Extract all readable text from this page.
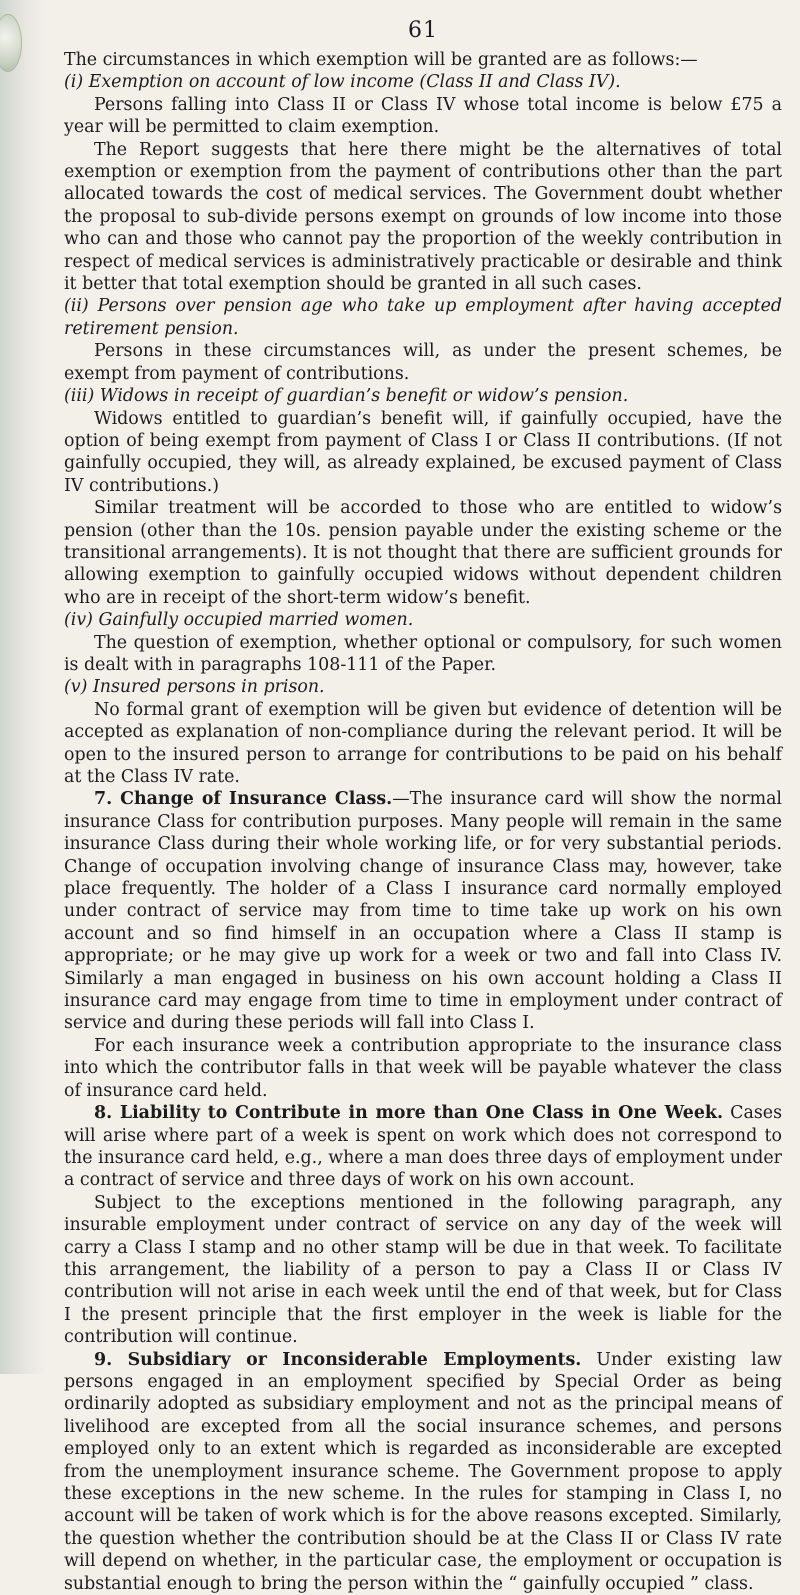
61

The circumstances in which exemption will be granted are as follows:—

(i) Exemption on account of low income (Class II and Class IV).

Persons falling into Class II or Class IV whose total income is below £75 a year will be permitted to claim exemption.

The Report suggests that here there might be the alternatives of total exemption or exemption from the payment of contributions other than the part allocated towards the cost of medical services. The Government doubt whether the proposal to sub-divide persons exempt on grounds of low income into those who can and those who cannot pay the proportion of the weekly contribution in respect of medical services is administratively practicable or desirable and think it better that total exemption should be granted in all such cases.

(ii) Persons over pension age who take up employment after having accepted retirement pension.

Persons in these circumstances will, as under the present schemes, be exempt from payment of contributions.

(iii) Widows in receipt of guardian’s benefit or widow’s pension.

Widows entitled to guardian’s benefit will, if gainfully occupied, have the option of being exempt from payment of Class I or Class II contributions. (If not gainfully occupied, they will, as already explained, be excused payment of Class IV contributions.)

Similar treatment will be accorded to those who are entitled to widow’s pension (other than the 10s. pension payable under the existing scheme or the transitional arrangements). It is not thought that there are sufficient grounds for allowing exemption to gainfully occupied widows without dependent children who are in receipt of the short-term widow’s benefit.

(iv) Gainfully occupied married women.

The question of exemption, whether optional or compulsory, for such women is dealt with in paragraphs 108-111 of the Paper.

(v) Insured persons in prison.

No formal grant of exemption will be given but evidence of detention will be accepted as explanation of non-compliance during the relevant period. It will be open to the insured person to arrange for contributions to be paid on his behalf at the Class IV rate.

7. Change of Insurance Class.—The insurance card will show the normal insurance Class for contribution purposes. Many people will remain in the same insurance Class during their whole working life, or for very substantial periods. Change of occupation involving change of insurance Class may, however, take place frequently. The holder of a Class I insurance card normally employed under contract of service may from time to time take up work on his own account and so find himself in an occupation where a Class II stamp is appropriate; or he may give up work for a week or two and fall into Class IV. Similarly a man engaged in business on his own account holding a Class II insurance card may engage from time to time in employment under contract of service and during these periods will fall into Class I.

For each insurance week a contribution appropriate to the insurance class into which the contributor falls in that week will be payable whatever the class of insurance card held.

8. Liability to Contribute in more than One Class in One Week. Cases will arise where part of a week is spent on work which does not correspond to the insurance card held, e.g., where a man does three days of employment under a contract of service and three days of work on his own account.

Subject to the exceptions mentioned in the following paragraph, any insurable employment under contract of service on any day of the week will carry a Class I stamp and no other stamp will be due in that week. To facilitate this arrangement, the liability of a person to pay a Class II or Class IV contribution will not arise in each week until the end of that week, but for Class I the present principle that the first employer in the week is liable for the contribution will continue.

9. Subsidiary or Inconsiderable Employments. Under existing law persons engaged in an employment specified by Special Order as being ordinarily adopted as subsidiary employment and not as the principal means of livelihood are excepted from all the social insurance schemes, and persons employed only to an extent which is regarded as inconsiderable are excepted from the unemployment insurance scheme. The Government propose to apply these exceptions in the new scheme. In the rules for stamping in Class I, no account will be taken of work which is for the above reasons excepted. Similarly, the question whether the contribution should be at the Class II or Class IV rate will depend on whether, in the particular case, the employment or occupation is substantial enough to bring the person within the “ gainfully occupied ” class.
